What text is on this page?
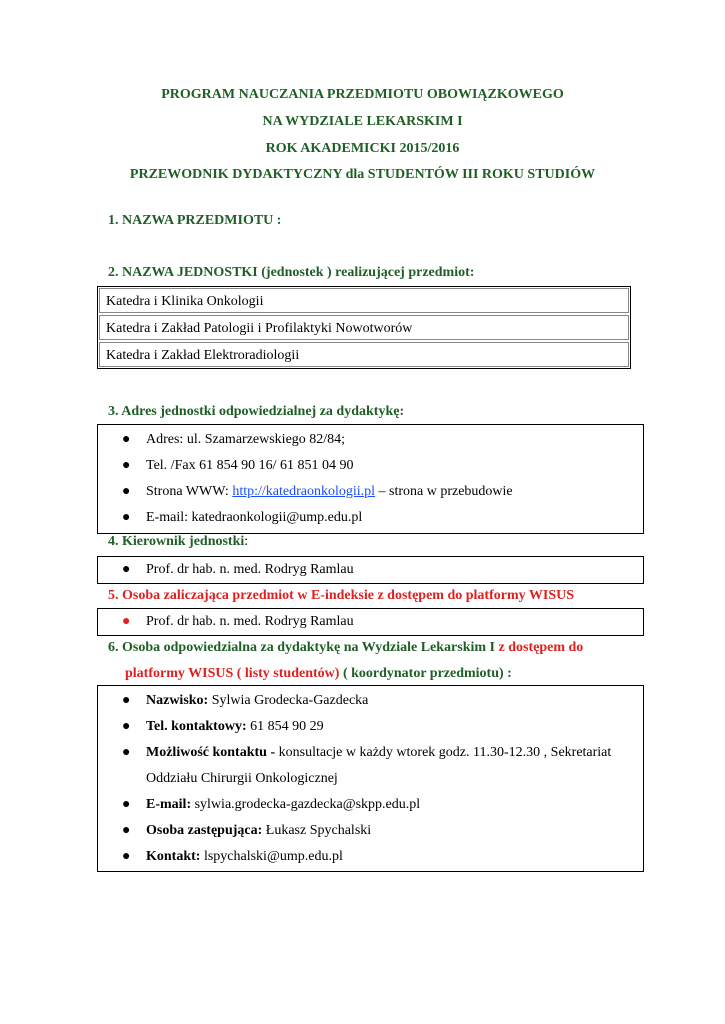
PROGRAM NAUCZANIA PRZEDMIOTU OBOWIĄZKOWEGO
NA WYDZIALE LEKARSKIM I
ROK AKADEMICKI 2015/2016
PRZEWODNIK DYDAKTYCZNY dla STUDENTÓW III ROKU STUDIÓW
1. NAZWA PRZEDMIOTU :
2. NAZWA JEDNOSTKI (jednostek ) realizującej przedmiot:
Katedra i Klinika Onkologii
Katedra i Zakład Patologii i Profilaktyki Nowotworów
Katedra i Zakład Elektroradiologii
3. Adres jednostki odpowiedzialnej za dydaktykę:
● Adres: ul. Szamarzewskiego 82/84;
● Tel. /Fax 61 854 90 16/ 61 851 04 90
● Strona WWW: http://katedraonkologii.pl – strona w przebudowie
● E-mail: katedraonkologii@ump.edu.pl
4. Kierownik jednostki:
● Prof. dr hab. n. med. Rodryg Ramlau
5. Osoba zaliczająca przedmiot w E-indeksie z dostępem do platformy WISUS
● Prof. dr hab. n. med. Rodryg Ramlau
6. Osoba odpowiedzialna za dydaktykę na Wydziale Lekarskim I z dostępem do
platformy WISUS ( listy studentów) ( koordynator przedmiotu) :
● Nazwisko: Sylwia Grodecka-Gazdecka
● Tel. kontaktowy: 61 854 90 29
● Możliwość kontaktu - konsultacje w każdy wtorek godz. 11.30-12.30 , Sekretariat
Oddziału Chirurgii Onkologicznej
● E-mail: sylwia.grodecka-gazdecka@skpp.edu.pl
● Osoba zastępująca: Łukasz Spychalski
● Kontakt: lspychalski@ump.edu.pl
